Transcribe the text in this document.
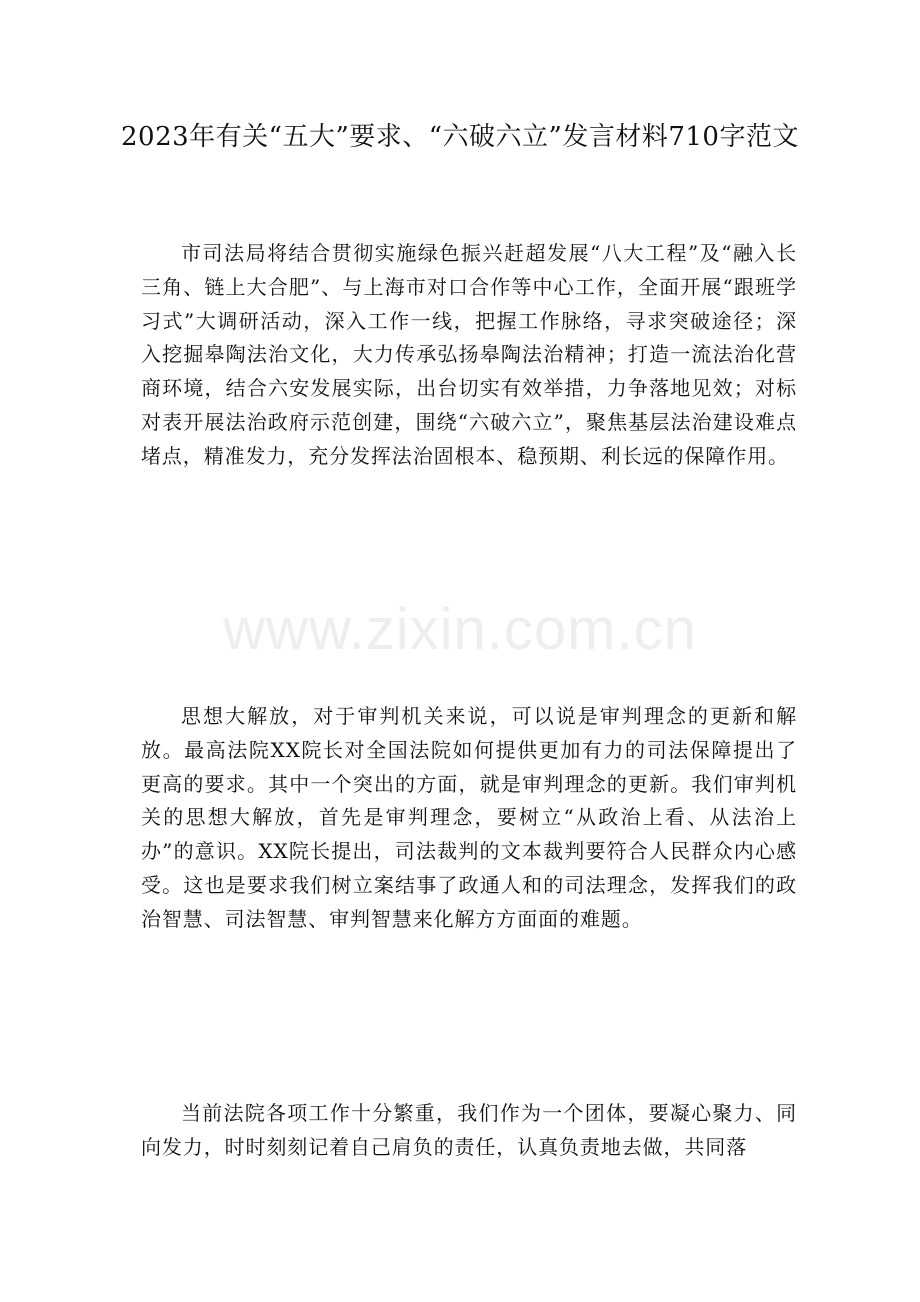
2023年有关“五大”要求、“六破六立”发言材料710字范文

市司法局将结合贯彻实施绿色振兴赶超发展“八大工程”及“融入长三角、链上大合肥”、与上海市对口合作等中心工作，全面开展“跟班学习式”大调研活动，深入工作一线，把握工作脉络，寻求突破途径；深入挖掘皋陶法治文化，大力传承弘扬皋陶法治精神；打造一流法治化营商环境，结合六安发展实际，出台切实有效举措，力争落地见效；对标对表开展法治政府示范创建，围绕“六破六立”，聚焦基层法治建设难点堵点，精准发力，充分发挥法治固根本、稳预期、利长远的保障作用。

www.zixin.com.cn

思想大解放，对于审判机关来说，可以说是审判理念的更新和解放。最高法院XX院长对全国法院如何提供更加有力的司法保障提出了更高的要求。其中一个突出的方面，就是审判理念的更新。我们审判机关的思想大解放，首先是审判理念，要树立“从政治上看、从法治上办”的意识。XX院长提出，司法裁判的文本裁判要符合人民群众内心感受。这也是要求我们树立案结事了政通人和的司法理念，发挥我们的政治智慧、司法智慧、审判智慧来化解方方面面的难题。

当前法院各项工作十分繁重，我们作为一个团体，要凝心聚力、同向发力，时时刻刻记着自己肩负的责任，认真负责地去做，共同落
